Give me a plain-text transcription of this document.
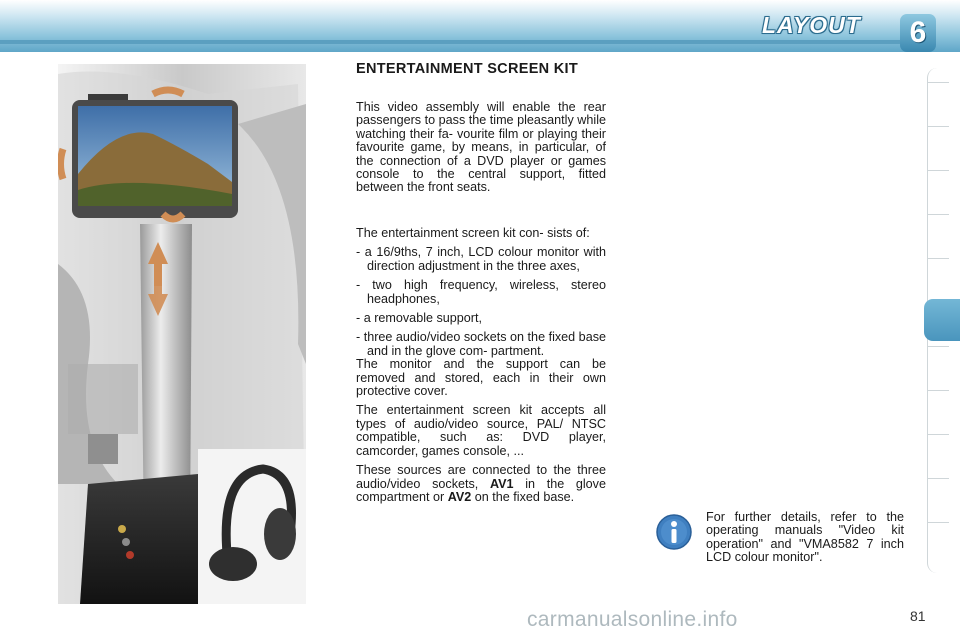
LAYOUT	6
ENTERTAINMENT SCREEN KIT

This video assembly will enable the rear passengers to pass the time pleasantly while watching their fa- vourite film or playing their favourite game, by means, in particular, of the connection of a DVD player or games console to the central support, fitted between the front seats.

The entertainment screen kit con- sists of:

- a 16/9ths, 7 inch, LCD colour monitor with direction adjustment in the three axes,

- two high frequency, wireless, stereo headphones,

- a removable support,

- three audio/video sockets on the fixed base and in the glove com- partment.

The monitor and the support can be removed and stored, each in their own protective cover.

The entertainment screen kit accepts all types of audio/video source, PAL/ NTSC compatible, such as: DVD player, camcorder, games console, ...

These sources are connected to the three audio/video sockets, AV1 in the glove compartment or AV2 on the fixed base.

For further details, refer to the operating manuals "Video kit operation" and "VMA8582 7 inch LCD colour monitor".
81
carmanualsonline.info
